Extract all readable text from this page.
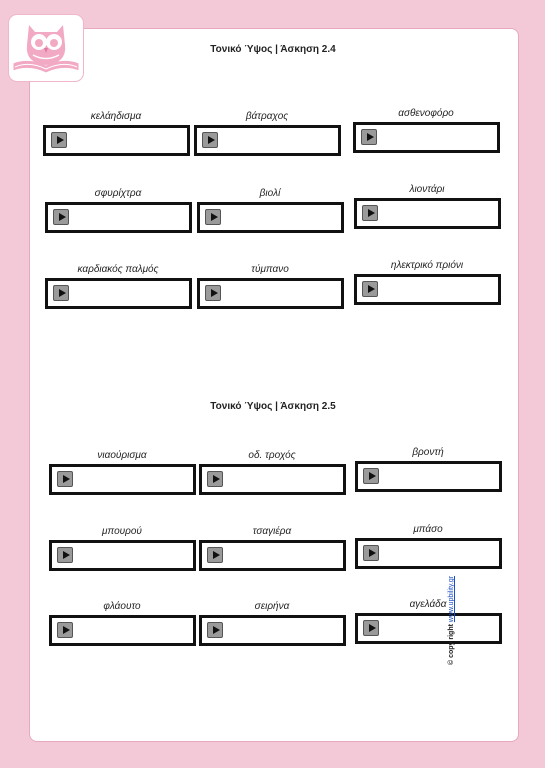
Τονικό Ύψος | Άσκηση 2.4
κελάηδισμα	βάτραχος	ασθενοφόρο
σφυρίχτρα	βιολί	λιοντάρι
καρδιακός παλμός	τύμπανο	ηλεκτρικό πριόνι
Τονικό Ύψος | Άσκηση 2.5
νιαούρισμα	οδ. τροχός	βροντή
μπουρού	τσαγιέρα	μπάσο
φλάουτο	σειρήνα	αγελάδα
© copy right www.upbility.gr
